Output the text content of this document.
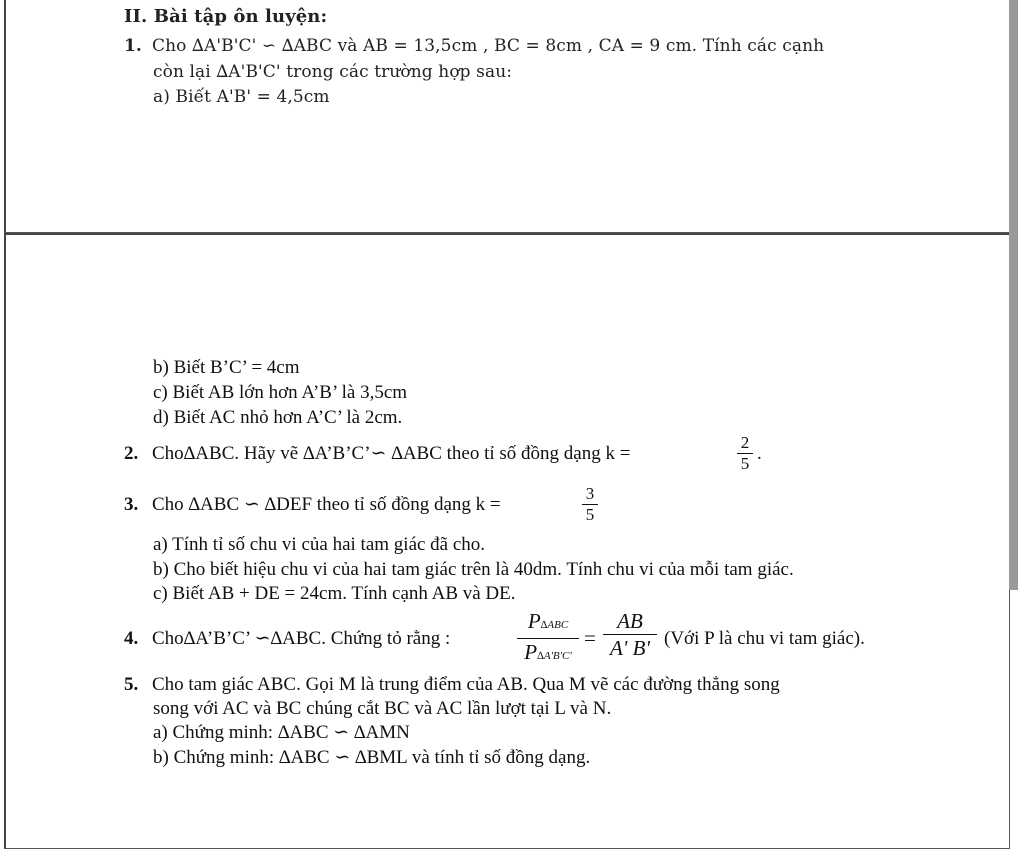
II. Bài tập ôn luyện:
1. Cho ∆A'B'C' ∽ ∆ABC và AB = 13,5cm , BC = 8cm , CA = 9 cm. Tính các cạnh
còn lại ∆A'B'C' trong các trường hợp sau:
a) Biết A'B' = 4,5cm
b) Biết B’C’ = 4cm
c) Biết AB lớn hơn A’B’ là 3,5cm
d) Biết AC nhỏ hơn A’C’ là 2cm.
2. Cho∆ABC. Hãy vẽ ∆A’B’C’∽ ∆ABC theo tỉ số đồng dạng k =
2
5 .
3. Cho ∆ABC ∽ ∆DEF theo tỉ số đồng dạng k =
3
5
a) Tính tỉ số chu vi của hai tam giác đã cho.
b) Cho biết hiệu chu vi của hai tam giác trên là 40dm. Tính chu vi của mỗi tam giác.
c) Biết AB + DE = 24cm. Tính cạnh AB và DE.
4. Cho∆A’B’C’ ∽∆ABC. Chứng tỏ rằng :
P∆ABC
P∆A'B'C'
=
AB
A' B' (Với P là chu vi tam giác).
5. Cho tam giác ABC. Gọi M là trung điểm của AB. Qua M vẽ các đường thẳng song
song với AC và BC chúng cắt BC và AC lần lượt tại L và N.
a) Chứng minh: ∆ABC ∽ ∆AMN
b) Chứng minh: ∆ABC ∽ ∆BML và tính tỉ số đồng dạng.
